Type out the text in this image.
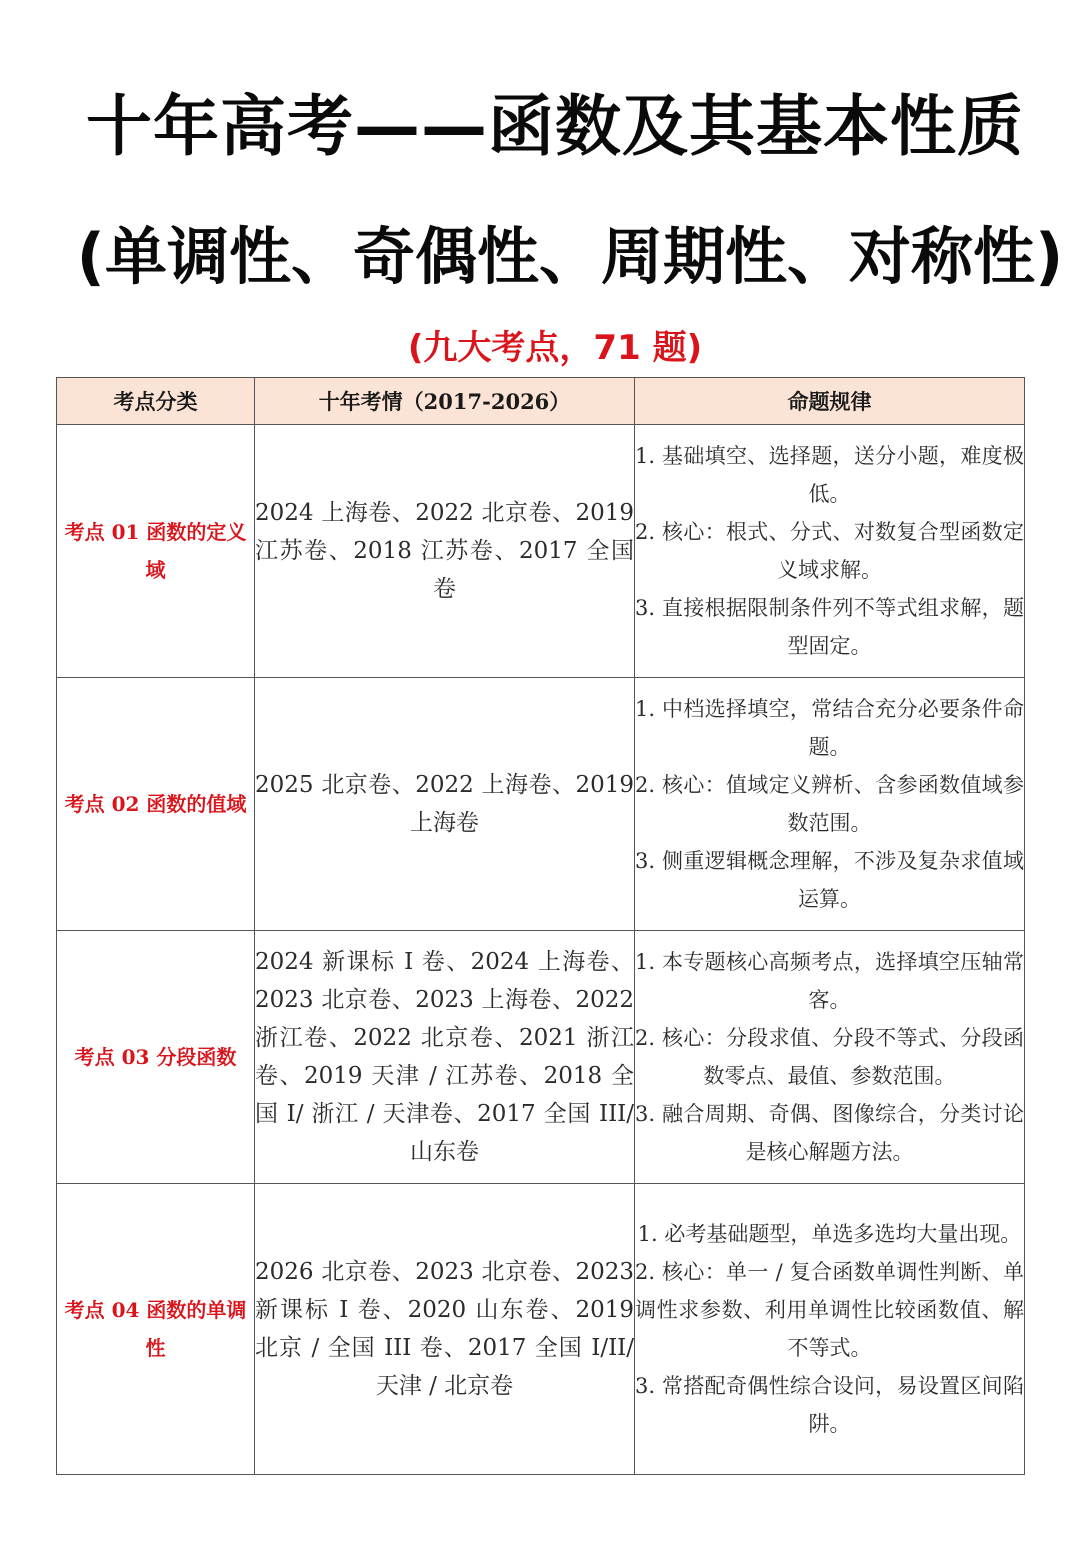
十年高考——函数及其基本性质
(单调性、奇偶性、周期性、对称性)
(九大考点，71 题)
考点分类	十年考情（2017-2026）	命题规律
考点 01 函数的定义域	2024 上海卷、2022 北京卷、2019 江苏卷、2018 江苏卷、2017 全国卷	1. 基础填空、选择题，送分小题，难度极低。
2. 核心：根式、分式、对数复合型函数定义域求解。
3. 直接根据限制条件列不等式组求解，题型固定。

考点 02 函数的值域	2025 北京卷、2022 上海卷、2019 上海卷	1. 中档选择填空，常结合充分必要条件命题。
2. 核心：值域定义辨析、含参函数值域参数范围。
3. 侧重逻辑概念理解，不涉及复杂求值域运算。

考点 03 分段函数	2024 新课标 I 卷、2024 上海卷、2023 北京卷、2023 上海卷、2022 浙江卷、2022 北京卷、2021 浙江卷、2019 天津 / 江苏卷、2018 全国 I/ 浙江 / 天津卷、2017 全国 III/ 山东卷	1. 本专题核心高频考点，选择填空压轴常客。
2. 核心：分段求值、分段不等式、分段函数零点、最值、参数范围。
3. 融合周期、奇偶、图像综合，分类讨论是核心解题方法。

考点 04 函数的单调性	2026 北京卷、2023 北京卷、2023 新课标 I 卷、2020 山东卷、2019 北京 / 全国 III 卷、2017 全国 I/II/ 天津 / 北京卷	1. 必考基础题型，单选多选均大量出现。
2. 核心：单一 / 复合函数单调性判断、单调性求参数、利用单调性比较函数值、解不等式。
3. 常搭配奇偶性综合设问，易设置区间陷阱。
